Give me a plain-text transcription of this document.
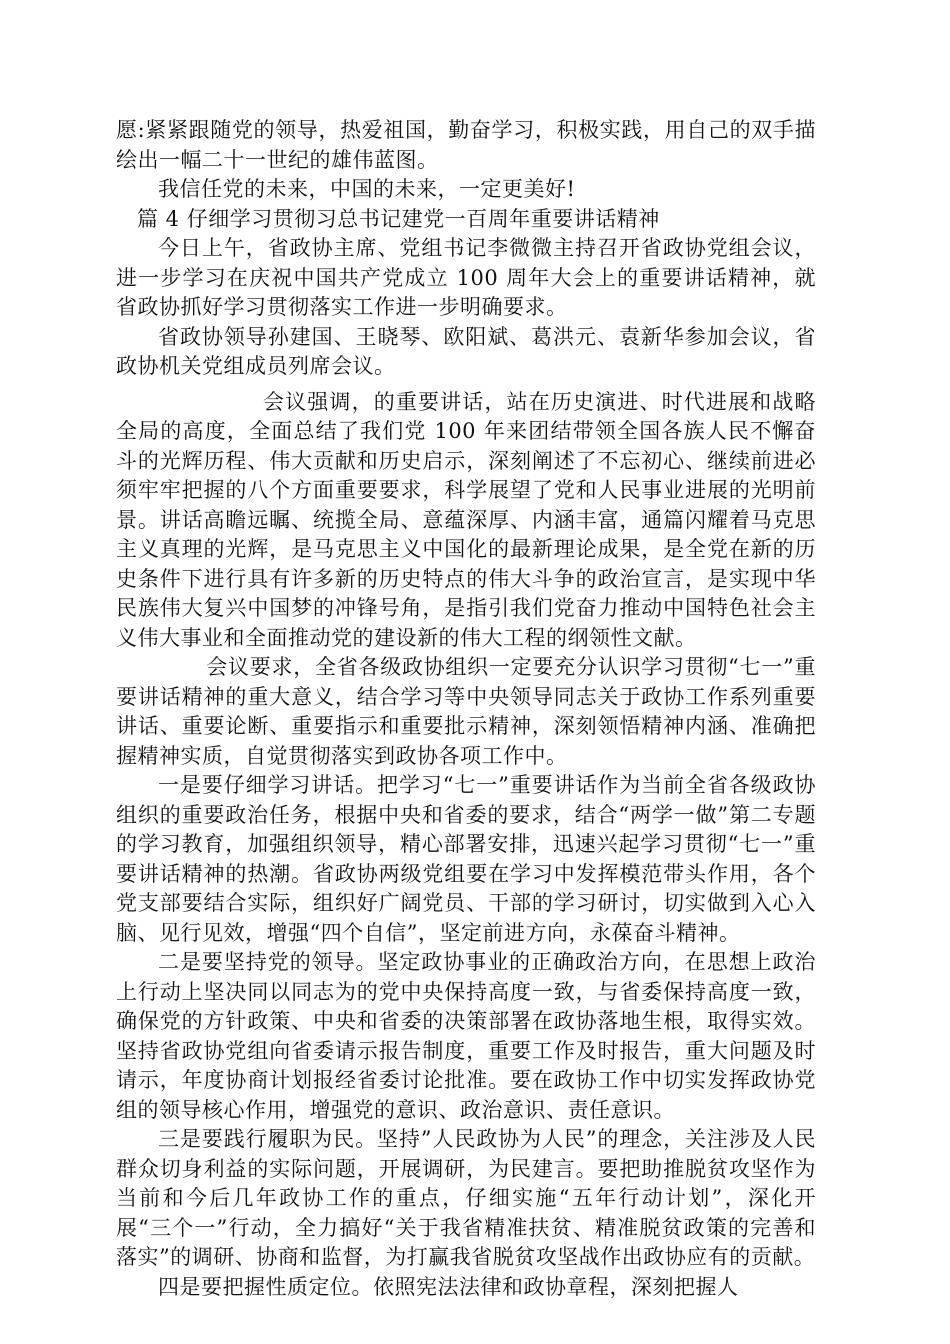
愿:紧紧跟随党的领导，热爱祖国，勤奋学习，积极实践，用自己的双手描绘出一幅二十一世纪的雄伟蓝图。

我信任党的未来，中国的未来，一定更美好!

篇 4 仔细学习贯彻习总书记建党一百周年重要讲话精神

今日上午，省政协主席、党组书记李微微主持召开省政协党组会议，进一步学习在庆祝中国共产党成立 100 周年大会上的重要讲话精神，就省政协抓好学习贯彻落实工作进一步明确要求。

省政协领导孙建国、王晓琴、欧阳斌、葛洪元、袁新华参加会议，省政协机关党组成员列席会议。

会议强调，的重要讲话，站在历史演进、时代进展和战略全局的高度，全面总结了我们党 100 年来团结带领全国各族人民不懈奋斗的光辉历程、伟大贡献和历史启示，深刻阐述了不忘初心、继续前进必须牢牢把握的八个方面重要要求，科学展望了党和人民事业进展的光明前景。讲话高瞻远瞩、统揽全局、意蕴深厚、内涵丰富，通篇闪耀着马克思主义真理的光辉，是马克思主义中国化的最新理论成果，是全党在新的历史条件下进行具有许多新的历史特点的伟大斗争的政治宣言，是实现中华民族伟大复兴中国梦的冲锋号角，是指引我们党奋力推动中国特色社会主义伟大事业和全面推动党的建设新的伟大工程的纲领性文献。

会议要求，全省各级政协组织一定要充分认识学习贯彻“七一”重要讲话精神的重大意义，结合学习等中央领导同志关于政协工作系列重要讲话、重要论断、重要指示和重要批示精神，深刻领悟精神内涵、准确把握精神实质，自觉贯彻落实到政协各项工作中。

一是要仔细学习讲话。把学习“七一”重要讲话作为当前全省各级政协组织的重要政治任务，根据中央和省委的要求，结合“两学一做”第二专题的学习教育，加强组织领导，精心部署安排，迅速兴起学习贯彻“七一”重要讲话精神的热潮。省政协两级党组要在学习中发挥模范带头作用，各个党支部要结合实际，组织好广阔党员、干部的学习研讨，切实做到入心入脑、见行见效，增强“四个自信”，坚定前进方向，永葆奋斗精神。

二是要坚持党的领导。坚定政协事业的正确政治方向，在思想上政治上行动上坚决同以同志为的党中央保持高度一致，与省委保持高度一致，确保党的方针政策、中央和省委的决策部署在政协落地生根，取得实效。坚持省政协党组向省委请示报告制度，重要工作及时报告，重大问题及时请示，年度协商计划报经省委讨论批准。要在政协工作中切实发挥政协党组的领导核心作用，增强党的意识、政治意识、责任意识。

三是要践行履职为民。坚持”人民政协为人民”的理念，关注涉及人民群众切身利益的实际问题，开展调研，为民建言。要把助推脱贫攻坚作为当前和今后几年政协工作的重点，仔细实施“五年行动计划”，深化开展“三个一”行动，全力搞好“关于我省精准扶贫、精准脱贫政策的完善和落实”的调研、协商和监督，为打赢我省脱贫攻坚战作出政协应有的贡献。

四是要把握性质定位。依照宪法法律和政协章程，深刻把握人
